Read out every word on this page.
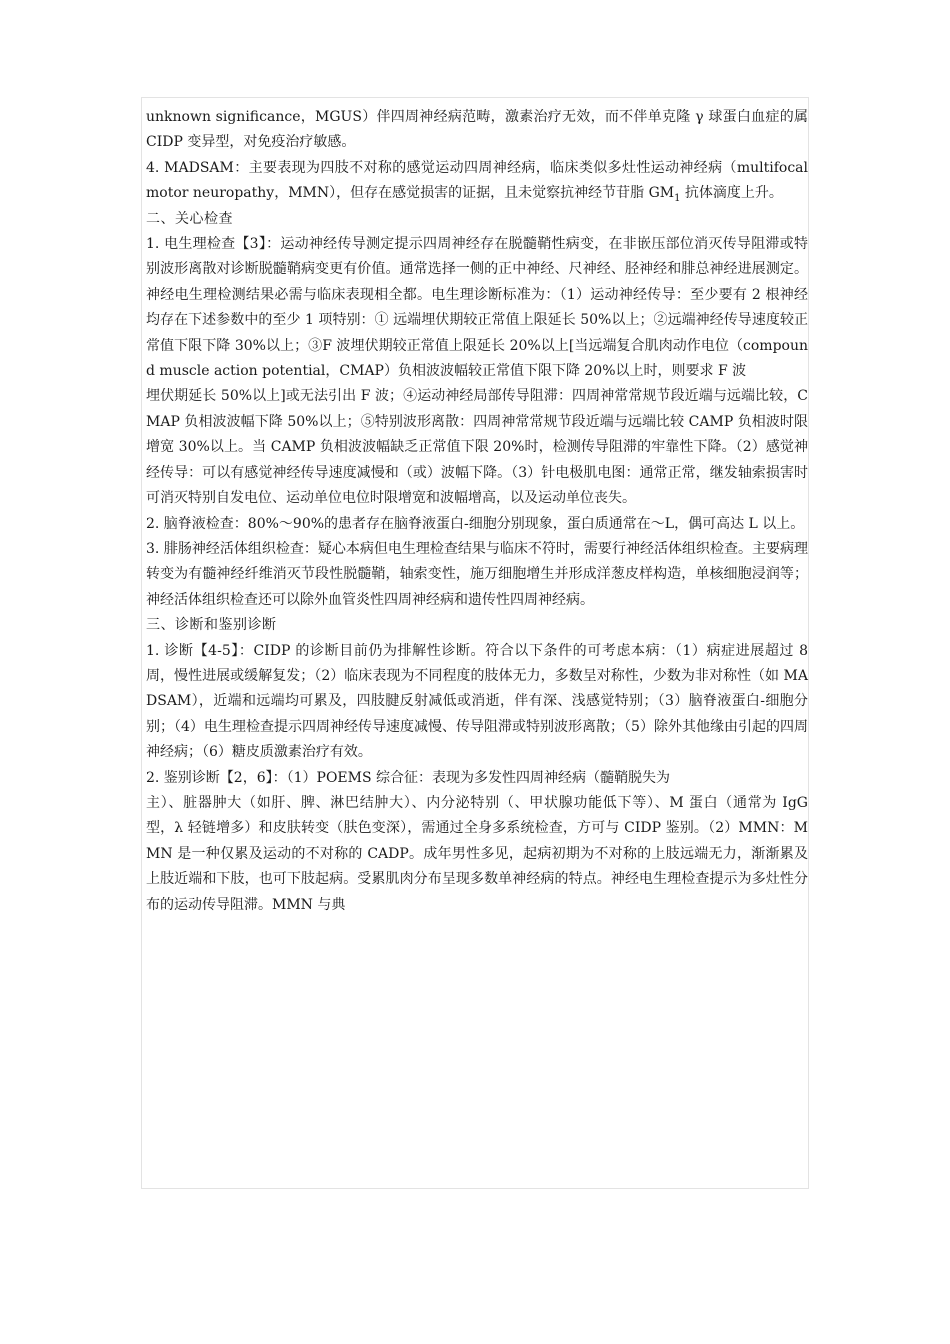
unknown significance，MGUS）伴四周神经病范畴，激素治疗无效，而不伴单克隆 γ 球蛋白血症的属 CIDP 变异型，对免疫治疗敏感。

4. MADSAM：主要表现为四肢不对称的感觉运动四周神经病，临床类似多灶性运动神经病（multifocal motor neuropathy，MMN），但存在感觉损害的证据，且未觉察抗神经节苷脂 $GM_1$ 抗体滴度上升。

二、关心检查

1. 电生理检查【3】：运动神经传导测定提示四周神经存在脱髓鞘性病变，在非嵌压部位消灭传导阻滞或特别波形离散对诊断脱髓鞘病变更有价值。通常选择一侧的正中神经、尺神经、胫神经和腓总神经进展测定。神经电生理检测结果必需与临床表现相全都。电生理诊断标准为：（1）运动神经传导：至少要有 2 根神经均存在下述参数中的至少 1 项特别：① 远端埋伏期较正常值上限延长 50%以上；②远端神经传导速度较正常值下限下降 30%以上；③F 波埋伏期较正常值上限延长 20%以上[当远端复合肌肉动作电位（compound muscle action potential，CMAP）负相波波幅较正常值下限下降 20%以上时，则要求 F 波

埋伏期延长 50%以上]或无法引出 F 波；④运动神经局部传导阻滞：四周神常常规节段近端与远端比较，CMAP 负相波波幅下降 50%以上；⑤特别波形离散：四周神常常规节段近端与远端比较 CAMP 负相波时限增宽 30%以上。当 CAMP 负相波波幅缺乏正常值下限 20%时，检测传导阻滞的牢靠性下降。（2）感觉神经传导：可以有感觉神经传导速度减慢和（或）波幅下降。（3）针电极肌电图：通常正常，继发轴索损害时可消灭特别自发电位、运动单位电位时限增宽和波幅增高，以及运动单位丧失。

2. 脑脊液检查：80%～90%的患者存在脑脊液蛋白-细胞分别现象，蛋白质通常在～L，偶可高达 L 以上。

3. 腓肠神经活体组织检查：疑心本病但电生理检查结果与临床不符时，需要行神经活体组织检查。主要病理转变为有髓神经纤维消灭节段性脱髓鞘，轴索变性，施万细胞增生并形成洋葱皮样构造，单核细胞浸润等；神经活体组织检查还可以除外血管炎性四周神经病和遗传性四周神经病。

三、诊断和鉴别诊断

1. 诊断【4-5】：CIDP 的诊断目前仍为排解性诊断。符合以下条件的可考虑本病：（1）病症进展超过 8 周，慢性进展或缓解复发；（2）临床表现为不同程度的肢体无力，多数呈对称性，少数为非对称性（如 MADSAM），近端和远端均可累及，四肢腱反射减低或消逝，伴有深、浅感觉特别；（3）脑脊液蛋白-细胞分别；（4）电生理检查提示四周神经传导速度减慢、传导阻滞或特别波形离散；（5）除外其他缘由引起的四周神经病；（6）糖皮质激素治疗有效。

2. 鉴别诊断【2，6】：（1）POEMS 综合征：表现为多发性四周神经病（髓鞘脱失为

主）、脏器肿大（如肝、脾、淋巴结肿大）、内分泌特别（、甲状腺功能低下等）、M 蛋白（通常为 IgG 型，λ 轻链增多）和皮肤转变（肤色变深），需通过全身多系统检查，方可与 CIDP 鉴别。（2）MMN：MMN 是一种仅累及运动的不对称的 CADP。成年男性多见，起病初期为不对称的上肢远端无力，渐渐累及上肢近端和下肢，也可下肢起病。受累肌肉分布呈现多数单神经病的特点。神经电生理检查提示为多灶性分布的运动传导阻滞。MMN 与典
